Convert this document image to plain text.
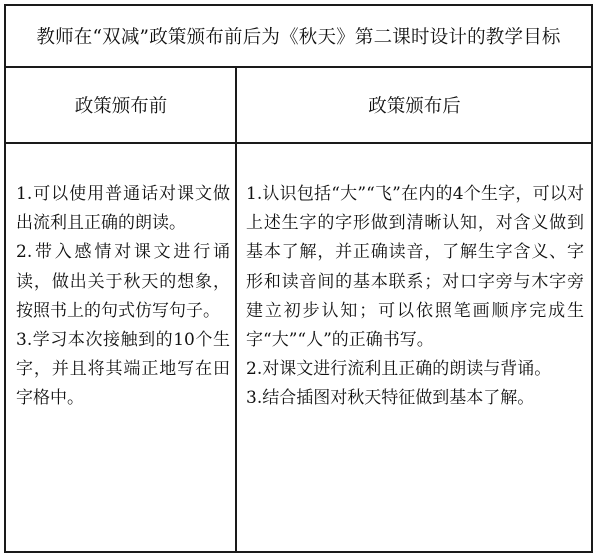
教师在“双减”政策颁布前后为《秋天》第二课时设计的教学目标
政策颁布前	政策颁布后

1.可以使用普通话对课文做出流利且正确的朗读。

2.带入感情对课文进行诵读，做出关于秋天的想象，按照书上的句式仿写句子。

3.学习本次接触到的10个生字，并且将其端正地写在田字格中。

1.认识包括“大”“飞”在内的4个生字，可以对上述生字的字形做到清晰认知，对含义做到基本了解，并正确读音，了解生字含义、字形和读音间的基本联系；对口字旁与木字旁建立初步认知；可以依照笔画顺序完成生字“大”“人”的正确书写。

2.对课文进行流利且正确的朗读与背诵。

3.结合插图对秋天特征做到基本了解。
